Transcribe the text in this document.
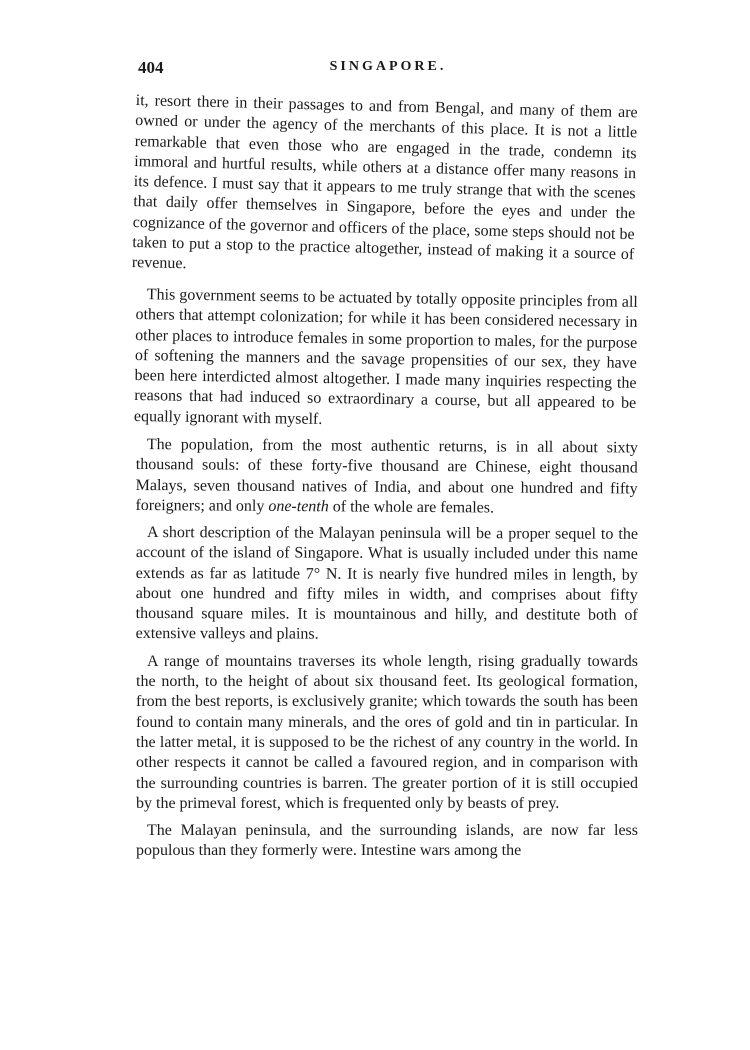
404	SINGAPORE.

it, resort there in their passages to and from Bengal, and many of them are owned or under the agency of the merchants of this place. It is not a little remarkable that even those who are engaged in the trade, condemn its immoral and hurtful results, while others at a distance offer many reasons in its defence. I must say that it appears to me truly strange that with the scenes that daily offer themselves in Singapore, before the eyes and under the cognizance of the governor and officers of the place, some steps should not be taken to put a stop to the practice altogether, instead of making it a source of revenue.

This government seems to be actuated by totally opposite principles from all others that attempt colonization; for while it has been considered necessary in other places to introduce females in some proportion to males, for the purpose of softening the manners and the savage propensities of our sex, they have been here interdicted almost altogether. I made many inquiries respecting the reasons that had induced so extraordinary a course, but all appeared to be equally ignorant with myself.

The population, from the most authentic returns, is in all about sixty thousand souls: of these forty-five thousand are Chinese, eight thousand Malays, seven thousand natives of India, and about one hundred and fifty foreigners; and only one-tenth of the whole are females.

A short description of the Malayan peninsula will be a proper sequel to the account of the island of Singapore. What is usually included under this name extends as far as latitude 7° N. It is nearly five hundred miles in length, by about one hundred and fifty miles in width, and comprises about fifty thousand square miles. It is mountainous and hilly, and destitute both of extensive valleys and plains.

A range of mountains traverses its whole length, rising gradually towards the north, to the height of about six thousand feet. Its geological formation, from the best reports, is exclusively granite; which towards the south has been found to contain many minerals, and the ores of gold and tin in particular. In the latter metal, it is supposed to be the richest of any country in the world. In other respects it cannot be called a favoured region, and in comparison with the surrounding countries is barren. The greater portion of it is still occupied by the primeval forest, which is frequented only by beasts of prey.

The Malayan peninsula, and the surrounding islands, are now far less populous than they formerly were. Intestine wars among the
